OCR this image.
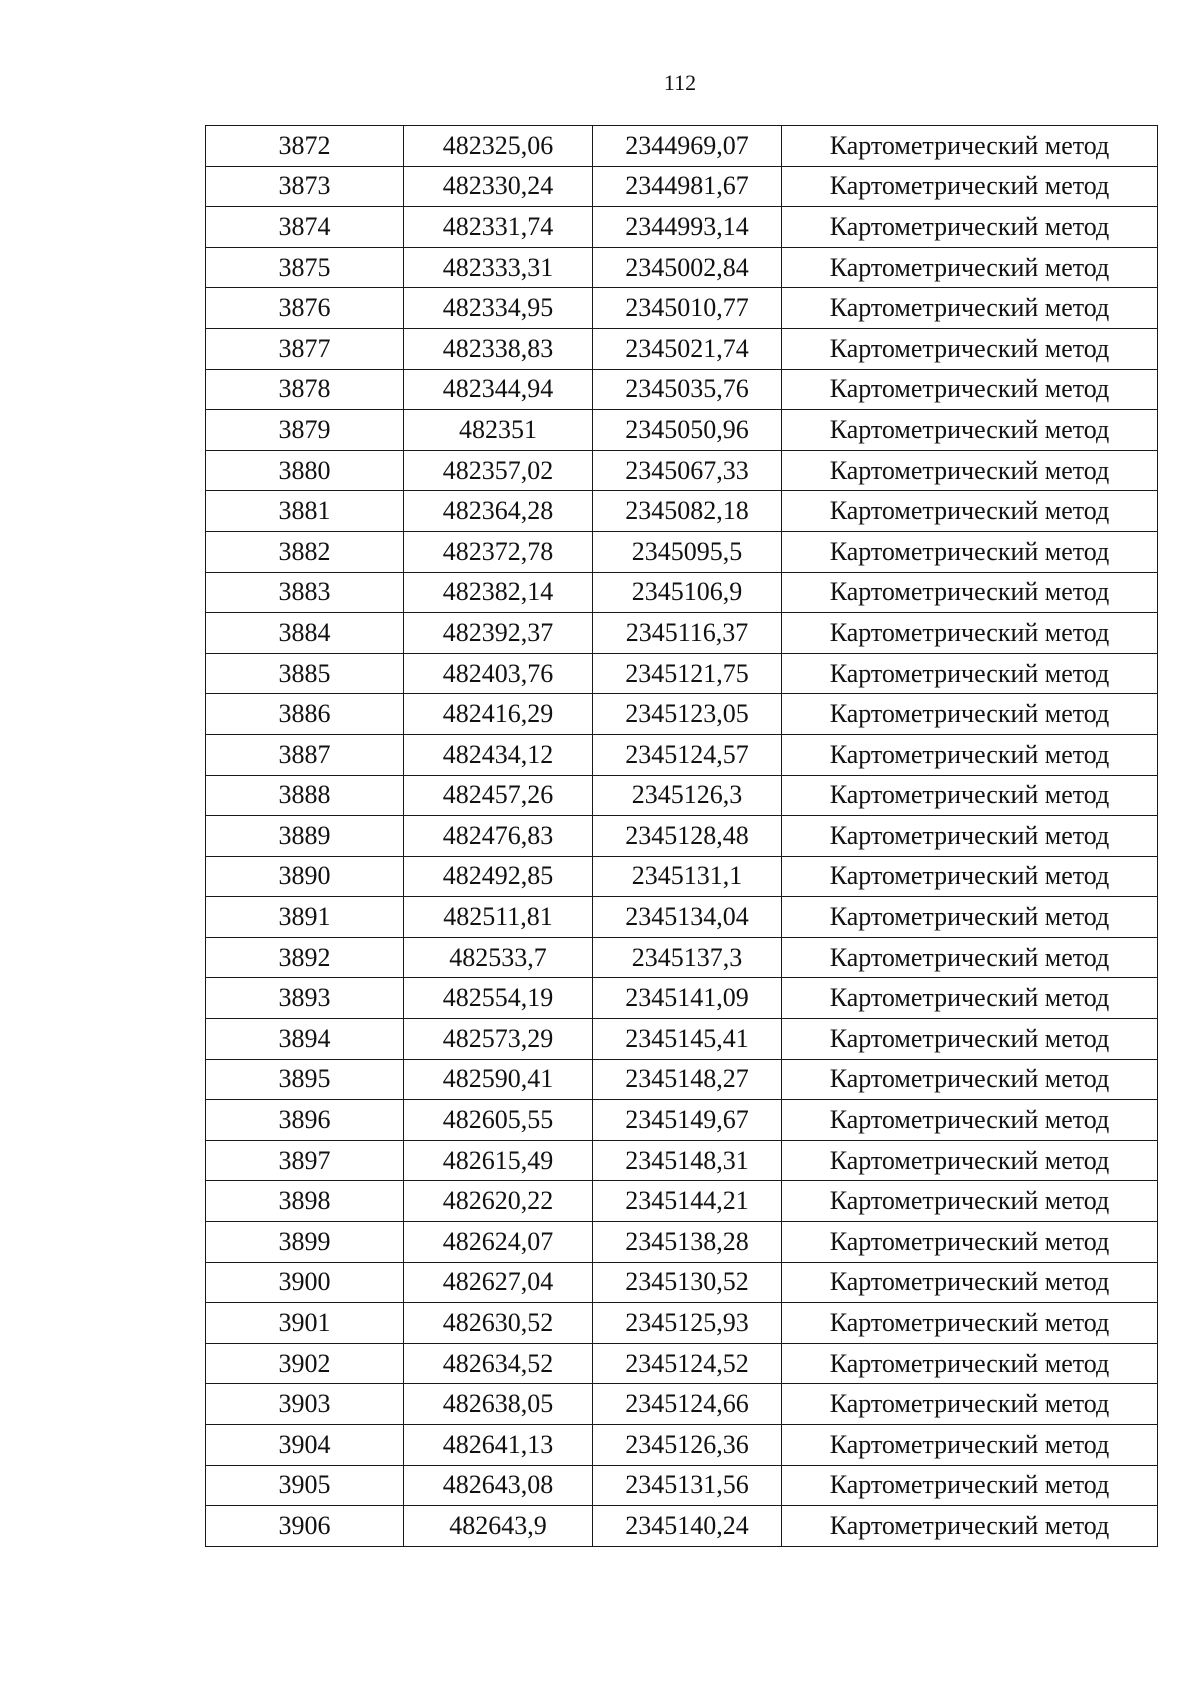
112
3872	482325,06	2344969,07	Картометрический метод
3873	482330,24	2344981,67	Картометрический метод
3874	482331,74	2344993,14	Картометрический метод
3875	482333,31	2345002,84	Картометрический метод
3876	482334,95	2345010,77	Картометрический метод
3877	482338,83	2345021,74	Картометрический метод
3878	482344,94	2345035,76	Картометрический метод
3879	482351	2345050,96	Картометрический метод
3880	482357,02	2345067,33	Картометрический метод
3881	482364,28	2345082,18	Картометрический метод
3882	482372,78	2345095,5	Картометрический метод
3883	482382,14	2345106,9	Картометрический метод
3884	482392,37	2345116,37	Картометрический метод
3885	482403,76	2345121,75	Картометрический метод
3886	482416,29	2345123,05	Картометрический метод
3887	482434,12	2345124,57	Картометрический метод
3888	482457,26	2345126,3	Картометрический метод
3889	482476,83	2345128,48	Картометрический метод
3890	482492,85	2345131,1	Картометрический метод
3891	482511,81	2345134,04	Картометрический метод
3892	482533,7	2345137,3	Картометрический метод
3893	482554,19	2345141,09	Картометрический метод
3894	482573,29	2345145,41	Картометрический метод
3895	482590,41	2345148,27	Картометрический метод
3896	482605,55	2345149,67	Картометрический метод
3897	482615,49	2345148,31	Картометрический метод
3898	482620,22	2345144,21	Картометрический метод
3899	482624,07	2345138,28	Картометрический метод
3900	482627,04	2345130,52	Картометрический метод
3901	482630,52	2345125,93	Картометрический метод
3902	482634,52	2345124,52	Картометрический метод
3903	482638,05	2345124,66	Картометрический метод
3904	482641,13	2345126,36	Картометрический метод
3905	482643,08	2345131,56	Картометрический метод
3906	482643,9	2345140,24	Картометрический метод
